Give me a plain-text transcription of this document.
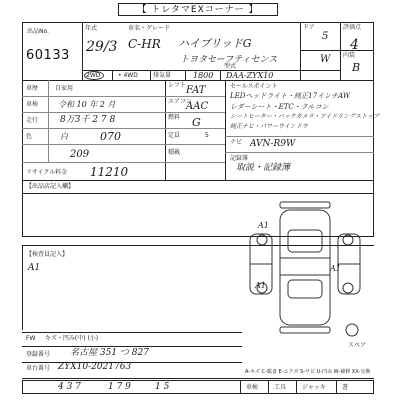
【 トレタマEXコーナー 】
出品No.
60133
年式
29/3
車名・グレード
C-HR ハイブリッドG
トヨタセーフティセンス
2WD	• 4WD	排気量	1800
型式
DAA-ZYX10
ドア
5
W
評価点
4
内装
B
車歴	自家用
車検 令和 10 年 2 月
走行 8万3千 2 7 8
色	白	070
シフト FAT
エアコン
AAC
燃料 G
定員	5
積載
209
リサイクル料金 11210
セールスポイント
LEDヘッドライト・純正17インチAW
レダーシート・ETC・クルコン
シートヒーター・バックカメラ・アイドリングストップ
純正ナビ・パワーウインドウ
ナビ AVN-R9W
記録簿
取説・記録簿
【出品店記入欄】
【検査員記入】
A1
A1
A1
A1
スペア
FW キズ・凹み(中) (小)
登録番号 名古屋 351 つ 827
車台番号 ZYX10-2021763	A-キズ C-腐食 E-エクボ S-サビ U-凹み W-補修 XX-交換
4 3 7	1 7 9	1 5	車検	工具	ジャッキ	書
